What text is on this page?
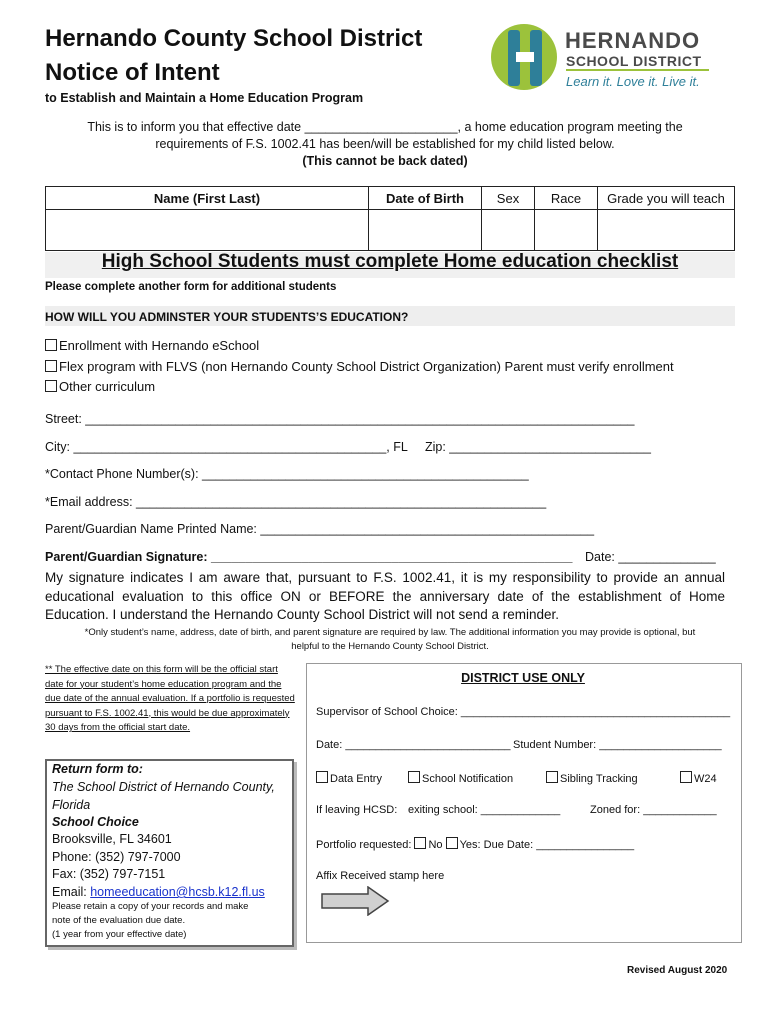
Hernando County School District
Notice of Intent
to Establish and Maintain a Home Education Program
HERNANDO
SCHOOL DISTRICT
Learn it. Love it. Live it.
This is to inform you that effective date ______________________, a home education program meeting the
requirements of F.S. 1002.41 has been/will be established for my child listed below.
(This cannot be back dated)
Name (First Last)	Date of Birth	Sex	Race	Grade you will teach

High School Students must complete Home education checklist
Please complete another form for additional students
HOW WILL YOU ADMINSTER YOUR STUDENTS’S EDUCATION?
Enrollment with Hernando eSchool
Flex program with FLVS (non Hernando County School District Organization) Parent must verify enrollment
Other curriculum
Street: _______________________________________________________________________________
City: _____________________________________________, FL Zip: _____________________________
*Contact Phone Number(s): _______________________________________________
*Email address: ___________________________________________________________
Parent/Guardian Name Printed Name: ________________________________________________
Parent/Guardian Signature: ____________________________________________________ Date: ______________
My signature indicates I am aware that, pursuant to F.S. 1002.41, it is my responsibility to provide an annual educational evaluation to this office ON or BEFORE the anniversary date of the establishment of Home Education. I understand the Hernando County School District will not send a reminder.
*Only student’s name, address, date of birth, and parent signature are required by law. The additional information you may provide is optional, but
helpful to the Hernando County School District.
** The effective date on this form will be the official start date for your student’s home education program and the due date of the annual evaluation. If a portfolio is requested pursuant to F.S. 1002.41, this would be due approximately 30 days from the official start date.
Return form to:
The School District of Hernando County,
Florida
School Choice
Brooksville, FL 34601
Phone: (352) 797-7000
Fax: (352) 797-7151
Email: homeeducation@hcsb.k12.fl.us
Please retain a copy of your records and make
note of the evaluation due date.
(1 year from your effective date)
DISTRICT USE ONLY
Supervisor of School Choice: ____________________________________________
Date: ___________________________ Student Number: ____________________
Data Entry	School Notification	Sibling Tracking	W24
If leaving HCSD: exiting school: _____________	Zoned for: ____________
Portfolio requested: No Yes: Due Date: ________________
Affix Received stamp here
Revised August 2020
